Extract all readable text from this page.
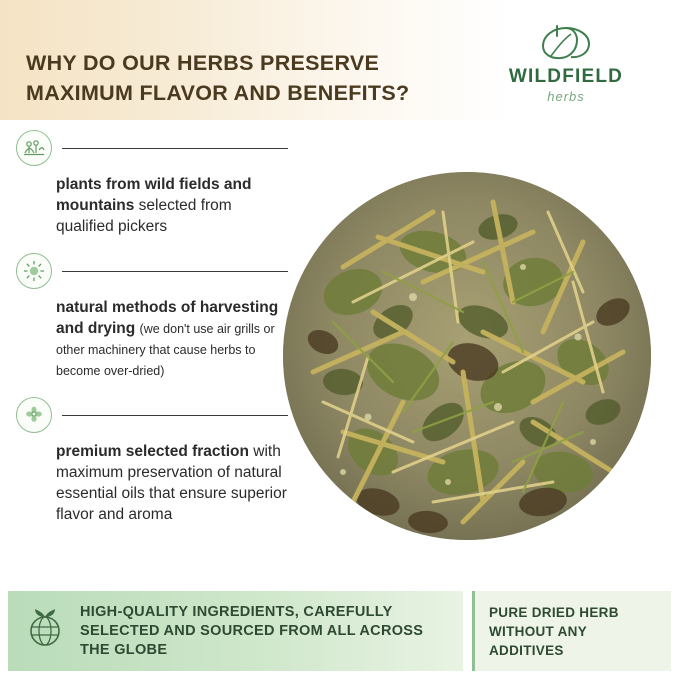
WHY DO OUR HERBS PRESERVE
MAXIMUM FLAVOR AND BENEFITS?
WILDFIELD
herbs
plants from wild fields and mountains selected from qualified pickers
natural methods of harvesting and drying (we don't use air grills or other machinery that cause herbs to become over-dried)
premium selected fraction with maximum preservation of natural essential oils that ensure superior flavor and aroma
HIGH-QUALITY INGREDIENTS, CAREFULLY SELECTED AND SOURCED FROM ALL ACROSS THE GLOBE
PURE DRIED HERB WITHOUT ANY ADDITIVES
